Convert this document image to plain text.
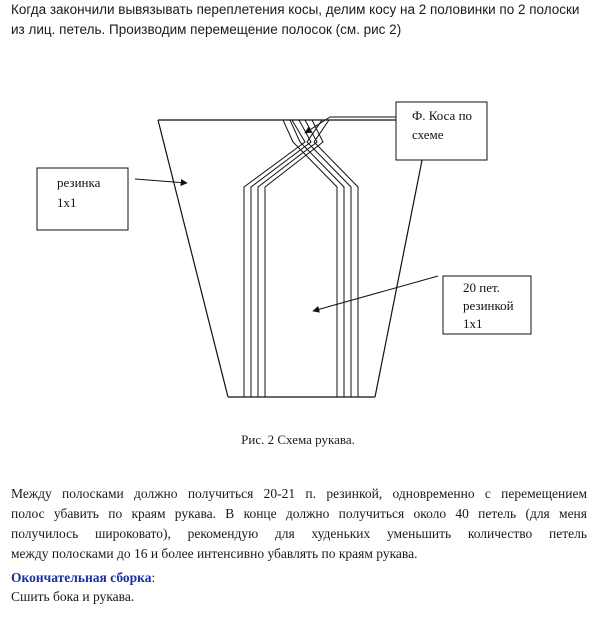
Когда закончили вывязывать переплетения косы, делим косу на 2 половинки по 2 полоски
из лиц. петель. Производим перемещение полосок (см. рис 2)

резинка
1х1
Ф. Коса по
схеме
20 пет.
резинкой
1х1
Рис. 2 Схема рукава.

Между полосками должно получиться 20-21 п. резинкой, одновременно с перемещением
полос убавить по краям рукава. В конце должно получиться около 40 петель (для меня
получилось широковато), рекомендую для худеньких уменьшить количество петель
между полосками до 16 и более интенсивно убавлять по краям рукава.

Окончательная сборка:
Сшить бока и рукава.
